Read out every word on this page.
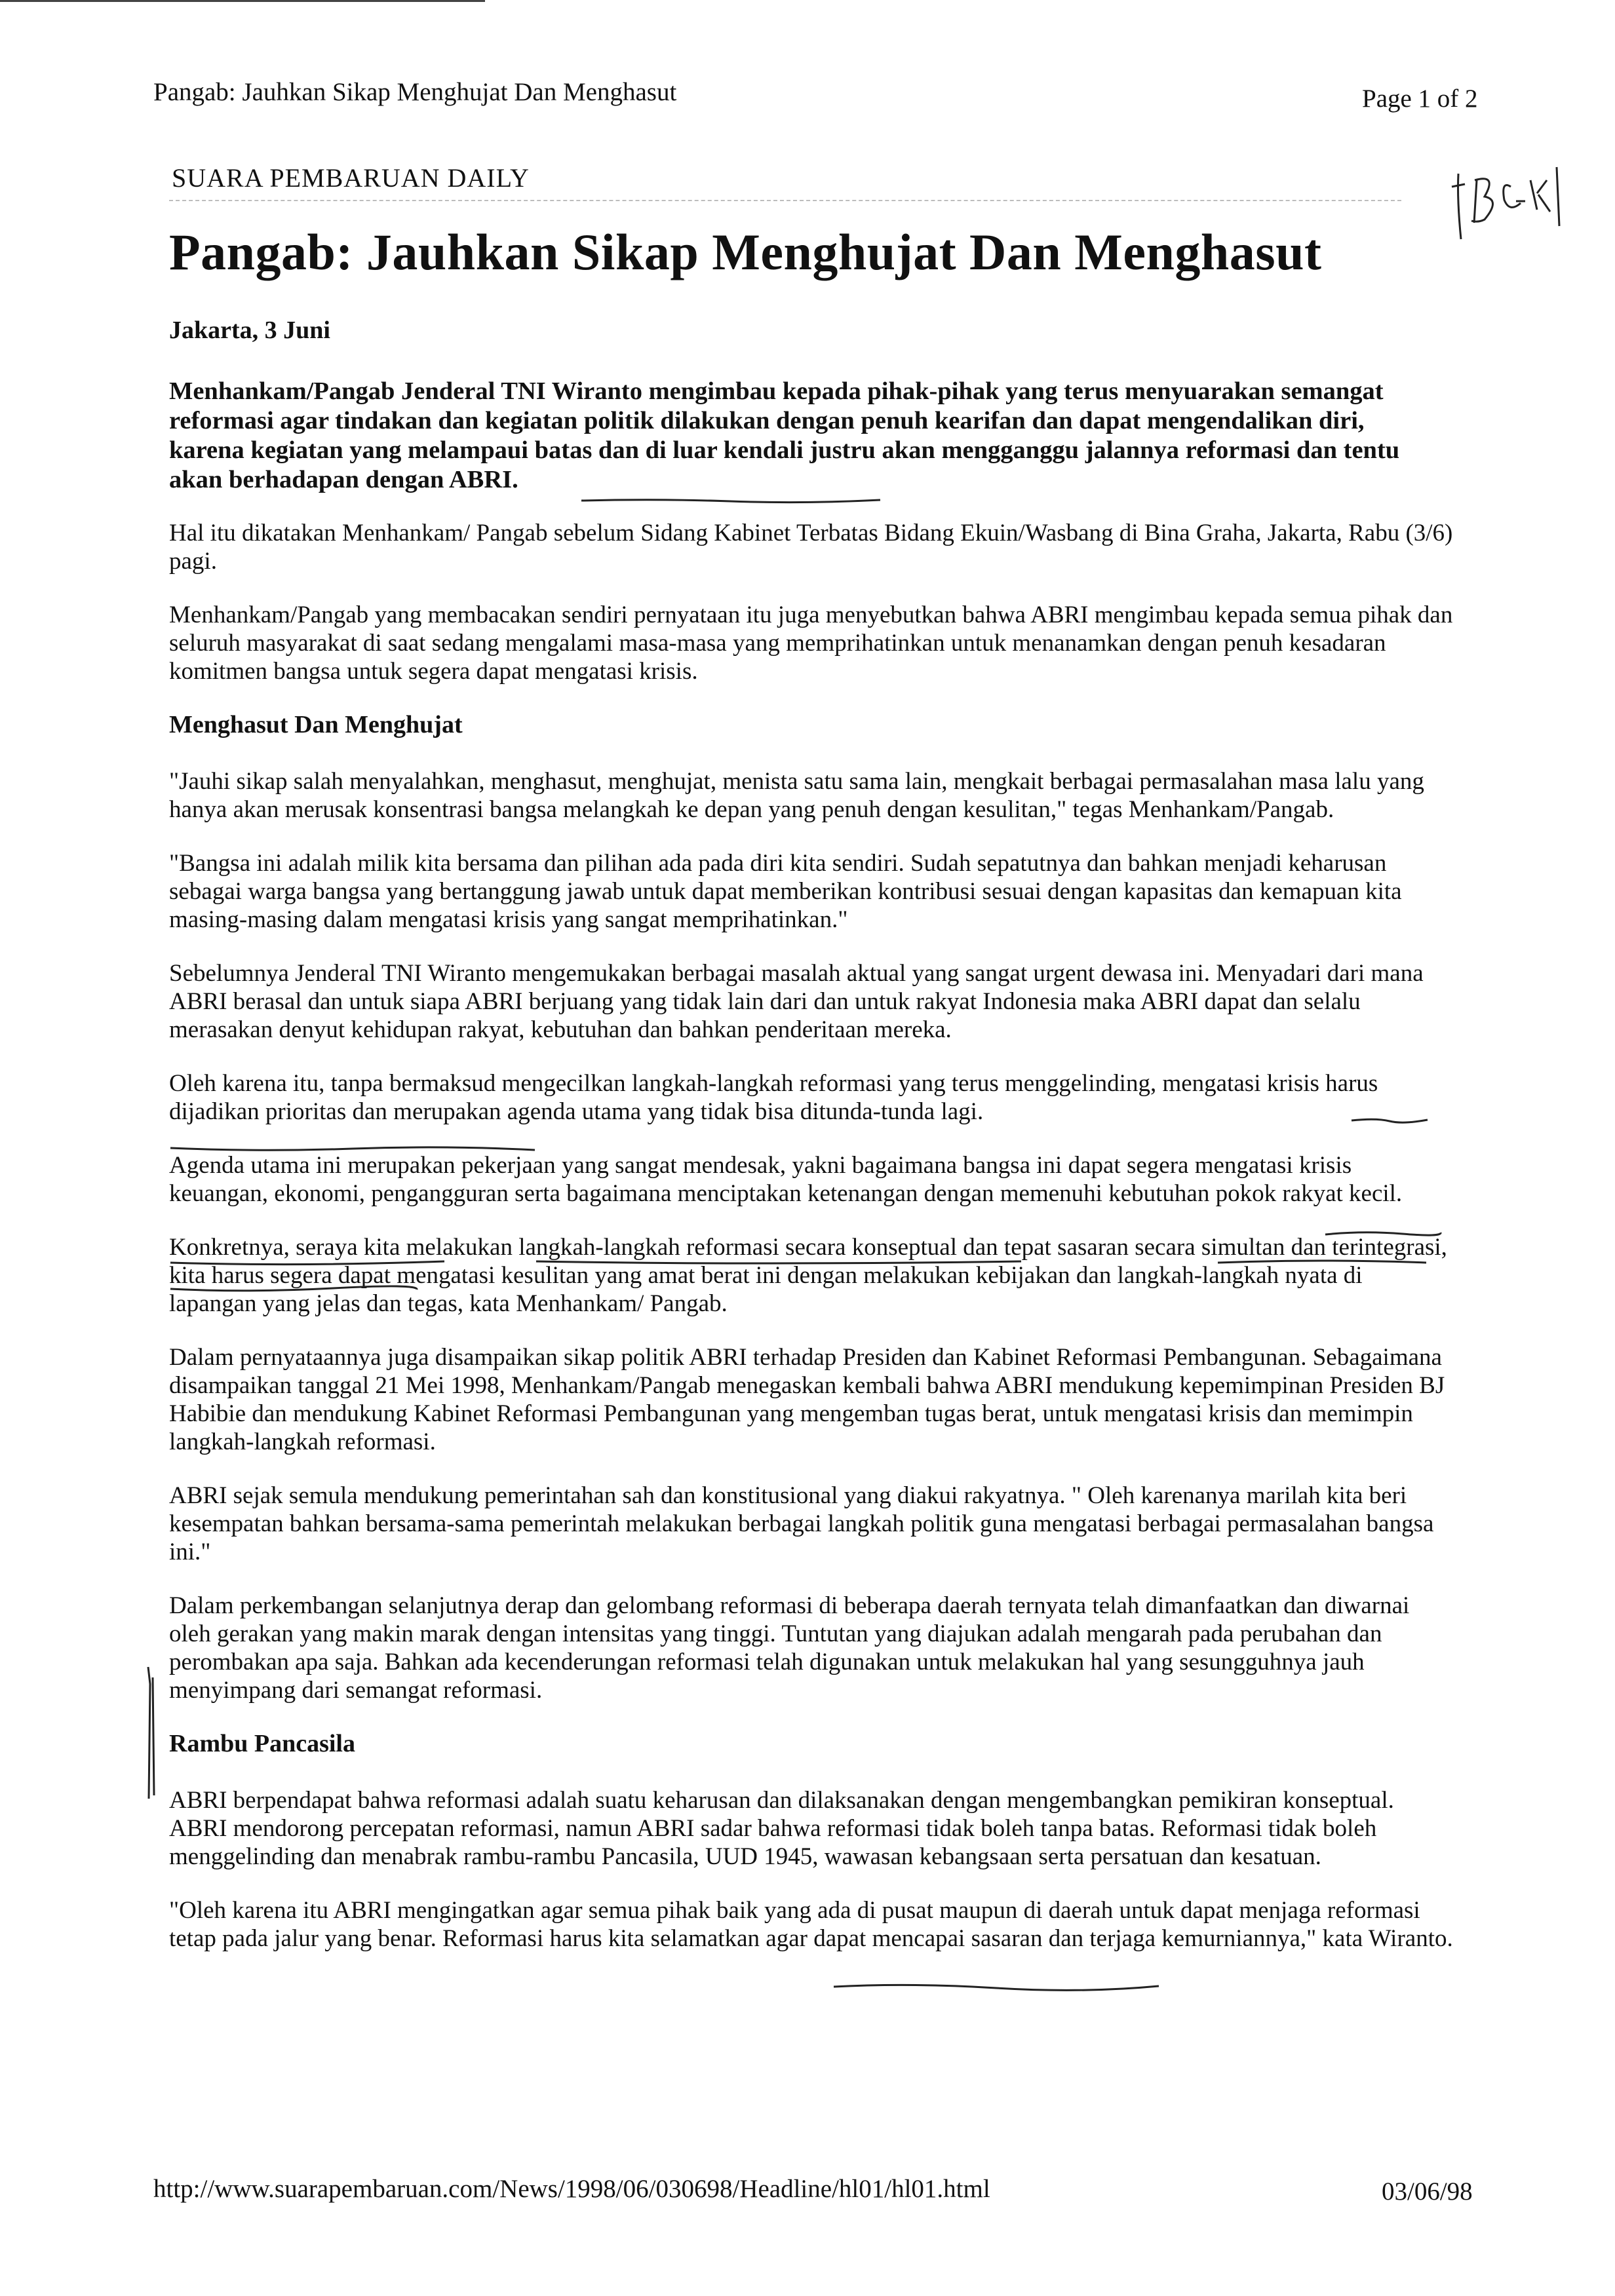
Pangab: Jauhkan Sikap Menghujat Dan Menghasut	Page 1 of 2
SUARA PEMBARUAN DAILY
Pangab: Jauhkan Sikap Menghujat Dan Menghasut
Jakarta, 3 Juni
Menhankam/Pangab Jenderal TNI Wiranto mengimbau kepada pihak-pihak yang terus menyuarakan semangat reformasi agar tindakan dan kegiatan politik dilakukan dengan penuh kearifan dan dapat mengendalikan diri, karena kegiatan yang melampaui batas dan di luar kendali justru akan mengganggu jalannya reformasi dan tentu akan berhadapan dengan ABRI.

Hal itu dikatakan Menhankam/ Pangab sebelum Sidang Kabinet Terbatas Bidang Ekuin/Wasbang di Bina Graha, Jakarta, Rabu (3/6) pagi.

Menhankam/Pangab yang membacakan sendiri pernyataan itu juga menyebutkan bahwa ABRI mengimbau kepada semua pihak dan seluruh masyarakat di saat sedang mengalami masa-masa yang memprihatinkan untuk menanamkan dengan penuh kesadaran komitmen bangsa untuk segera dapat mengatasi krisis.

Menghasut Dan Menghujat

"Jauhi sikap salah menyalahkan, menghasut, menghujat, menista satu sama lain, mengkait berbagai permasalahan masa lalu yang hanya akan merusak konsentrasi bangsa melangkah ke depan yang penuh dengan kesulitan," tegas Menhankam/Pangab.

"Bangsa ini adalah milik kita bersama dan pilihan ada pada diri kita sendiri. Sudah sepatutnya dan bahkan menjadi keharusan sebagai warga bangsa yang bertanggung jawab untuk dapat memberikan kontribusi sesuai dengan kapasitas dan kemapuan kita masing-masing dalam mengatasi krisis yang sangat memprihatinkan."

Sebelumnya Jenderal TNI Wiranto mengemukakan berbagai masalah aktual yang sangat urgent dewasa ini. Menyadari dari mana ABRI berasal dan untuk siapa ABRI berjuang yang tidak lain dari dan untuk rakyat Indonesia maka ABRI dapat dan selalu merasakan denyut kehidupan rakyat, kebutuhan dan bahkan penderitaan mereka.

Oleh karena itu, tanpa bermaksud mengecilkan langkah-langkah reformasi yang terus menggelinding, mengatasi krisis harus dijadikan prioritas dan merupakan agenda utama yang tidak bisa ditunda-tunda lagi.

Agenda utama ini merupakan pekerjaan yang sangat mendesak, yakni bagaimana bangsa ini dapat segera mengatasi krisis keuangan, ekonomi, pengangguran serta bagaimana menciptakan ketenangan dengan memenuhi kebutuhan pokok rakyat kecil.

Konkretnya, seraya kita melakukan langkah-langkah reformasi secara konseptual dan tepat sasaran secara simultan dan terintegrasi, kita harus segera dapat mengatasi kesulitan yang amat berat ini dengan melakukan kebijakan dan langkah-langkah nyata di lapangan yang jelas dan tegas, kata Menhankam/ Pangab.

Dalam pernyataannya juga disampaikan sikap politik ABRI terhadap Presiden dan Kabinet Reformasi Pembangunan. Sebagaimana disampaikan tanggal 21 Mei 1998, Menhankam/Pangab menegaskan kembali bahwa ABRI mendukung kepemimpinan Presiden BJ Habibie dan mendukung Kabinet Reformasi Pembangunan yang mengemban tugas berat, untuk mengatasi krisis dan memimpin langkah-langkah reformasi.

ABRI sejak semula mendukung pemerintahan sah dan konstitusional yang diakui rakyatnya. " Oleh karenanya marilah kita beri kesempatan bahkan bersama-sama pemerintah melakukan berbagai langkah politik guna mengatasi berbagai permasalahan bangsa ini."

Dalam perkembangan selanjutnya derap dan gelombang reformasi di beberapa daerah ternyata telah dimanfaatkan dan diwarnai oleh gerakan yang makin marak dengan intensitas yang tinggi. Tuntutan yang diajukan adalah mengarah pada perubahan dan perombakan apa saja. Bahkan ada kecenderungan reformasi telah digunakan untuk melakukan hal yang sesungguhnya jauh menyimpang dari semangat reformasi.

Rambu Pancasila

ABRI berpendapat bahwa reformasi adalah suatu keharusan dan dilaksanakan dengan mengembangkan pemikiran konseptual. ABRI mendorong percepatan reformasi, namun ABRI sadar bahwa reformasi tidak boleh tanpa batas. Reformasi tidak boleh menggelinding dan menabrak rambu-rambu Pancasila, UUD 1945, wawasan kebangsaan serta persatuan dan kesatuan.

"Oleh karena itu ABRI mengingatkan agar semua pihak baik yang ada di pusat maupun di daerah untuk dapat menjaga reformasi tetap pada jalur yang benar. Reformasi harus kita selamatkan agar dapat mencapai sasaran dan terjaga kemurniannya," kata Wiranto.

http://www.suarapembaruan.com/News/1998/06/030698/Headline/hl01/hl01.html	03/06/98
